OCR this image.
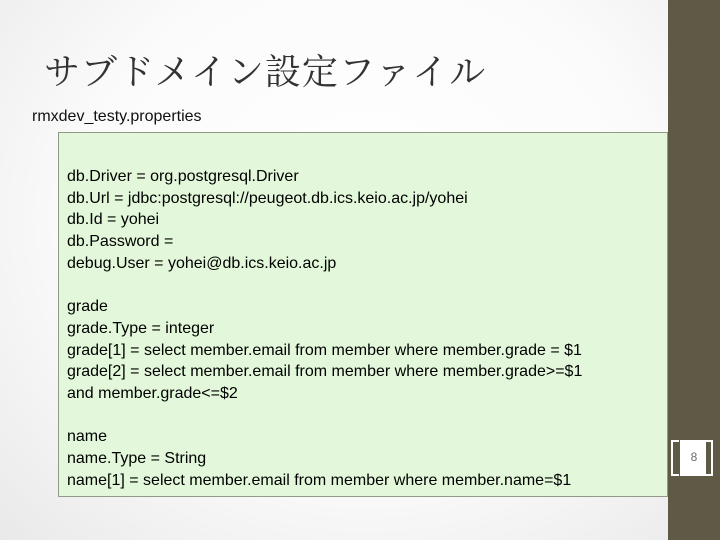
サブドメイン設定ファイル
rmxdev_testy.properties
db.Driver = org.postgresql.Driver
db.Url = jdbc:postgresql://peugeot.db.ics.keio.ac.jp/yohei
db.Id = yohei
db.Password =
debug.User = yohei@db.ics.keio.ac.jp
grade
grade.Type = integer
grade[1] = select member.email from member where member.grade = $1
grade[2] = select member.email from member where member.grade>=$1
and member.grade<=$2
name
name.Type = String
name[1] = select member.email from member where member.name=$1
8
